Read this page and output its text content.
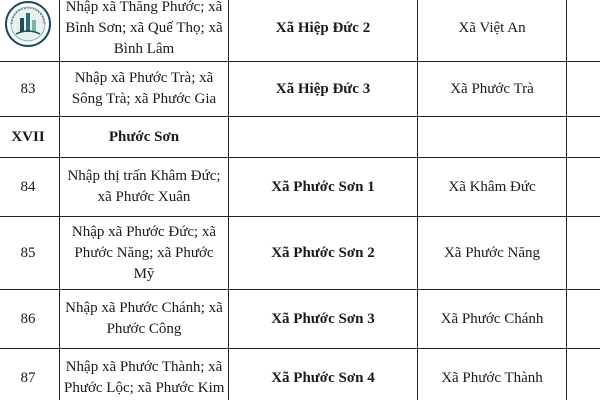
	Nhập xã Thăng Phước; xã
Bình Sơn; xã Quế Thọ; xã
Bình Lâm	Xã Hiệp Đức 2	Xã Việt An	
83	Nhập xã Phước Trà; xã
Sông Trà; xã Phước Gia	Xã Hiệp Đức 3	Xã Phước Trà	
XVII	Phước Sơn			
84	Nhập thị trấn Khâm Đức;
xã Phước Xuân	Xã Phước Sơn 1	Xã Khâm Đức	
85	Nhập xã Phước Đức; xã
Phước Năng; xã Phước
Mỹ	Xã Phước Sơn 2	Xã Phước Năng	
86	Nhập xã Phước Chánh; xã
Phước Công	Xã Phước Sơn 3	Xã Phước Chánh	
87	Nhập xã Phước Thành; xã
Phước Lộc; xã Phước Kim	Xã Phước Sơn 4	Xã Phước Thành	
